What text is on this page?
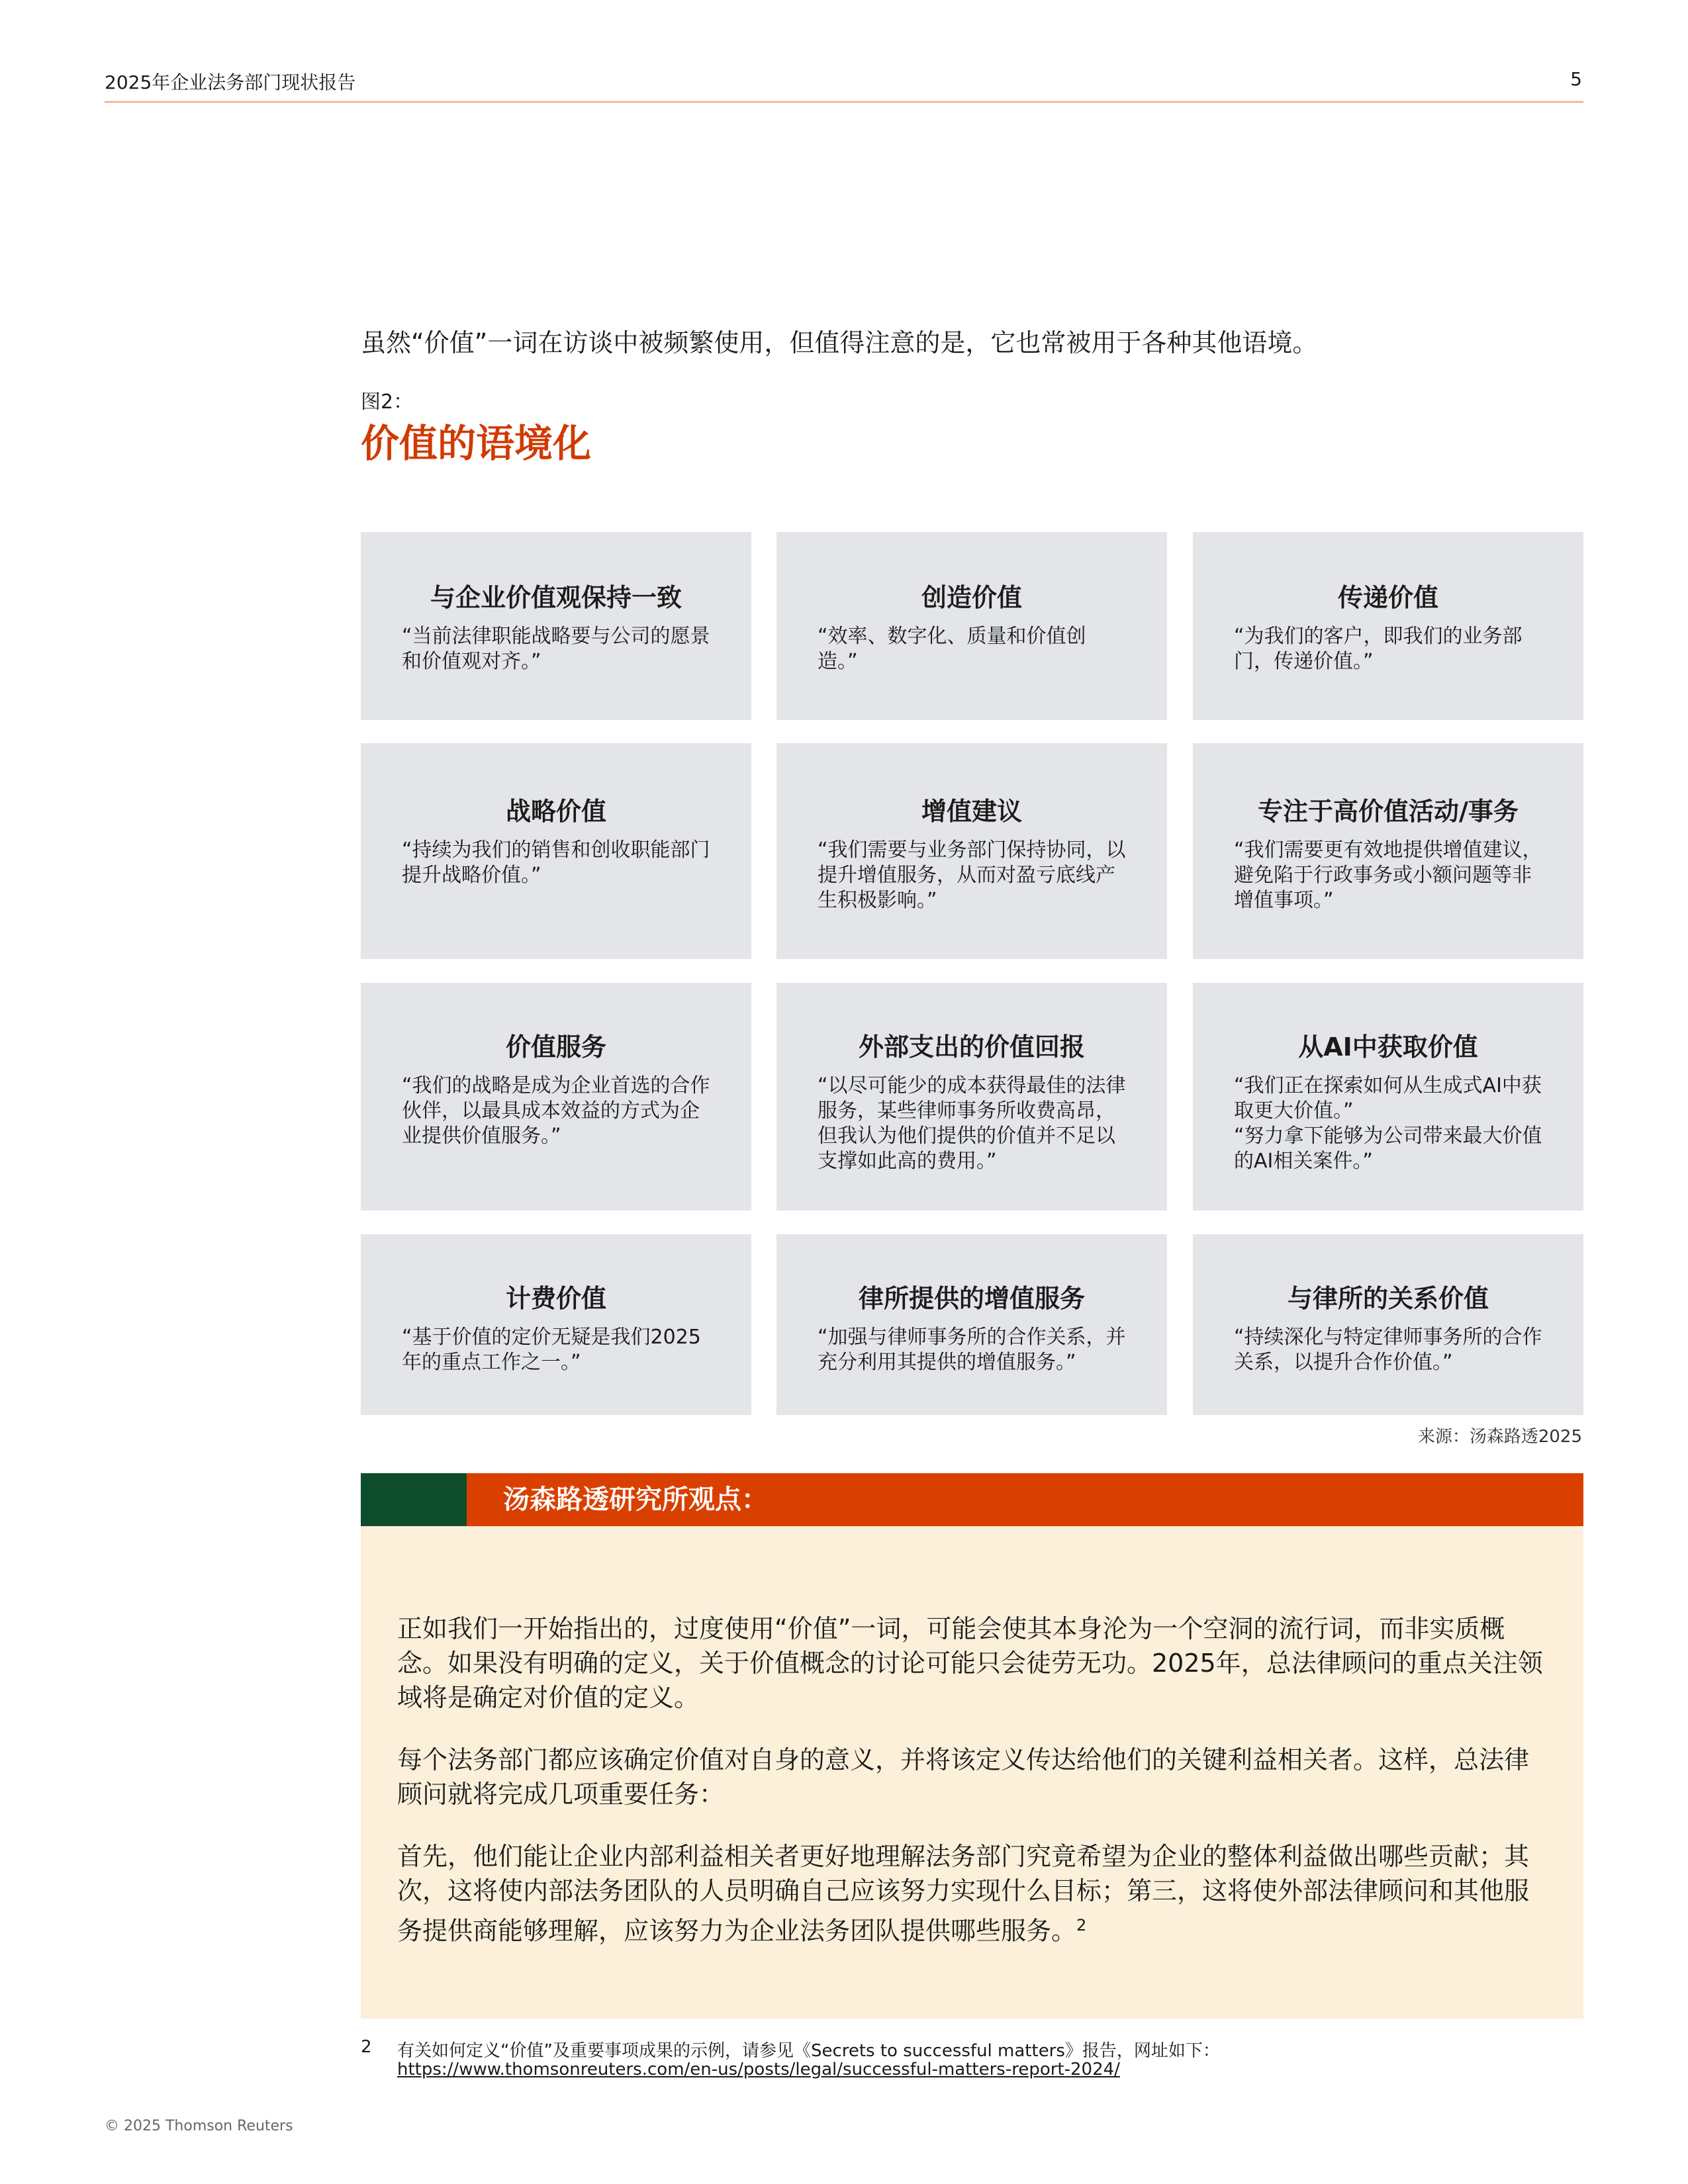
2025年企业法务部门现状报告	5
虽然“价值”一词在访谈中被频繁使用，但值得注意的是，它也常被用于各种其他语境。
图2：
价值的语境化
与企业价值观保持一致
“当前法律职能战略要与公司的愿景和价值观对齐。”
创造价值
“效率、数字化、质量和价值创造。”
传递价值
“为我们的客户，即我们的业务部门，传递价值。”
战略价值
“持续为我们的销售和创收职能部门提升战略价值。”
增值建议
“我们需要与业务部门保持协同，以提升增值服务，从而对盈亏底线产生积极影响。”
专注于高价值活动/事务
“我们需要更有效地提供增值建议，避免陷于行政事务或小额问题等非增值事项。”
价值服务
“我们的战略是成为企业首选的合作伙伴，以最具成本效益的方式为企业提供价值服务。”
外部支出的价值回报
“以尽可能少的成本获得最佳的法律服务，某些律师事务所收费高昂，但我认为他们提供的价值并不足以支撑如此高的费用。”
从AI中获取价值
“我们正在探索如何从生成式AI中获取更大价值。”
“努力拿下能够为公司带来最大价值的AI相关案件。”
计费价值
“基于价值的定价无疑是我们2025年的重点工作之一。”
律所提供的增值服务
“加强与律师事务所的合作关系，并充分利用其提供的增值服务。”
与律所的关系价值
“持续深化与特定律师事务所的合作关系，以提升合作价值。”
来源：汤森路透2025
汤森路透研究所观点：
正如我们一开始指出的，过度使用“价值”一词，可能会使其本身沦为一个空洞的流行词，而非实质概念。如果没有明确的定义，关于价值概念的讨论可能只会徒劳无功。2025年，总法律顾问的重点关注领域将是确定对价值的定义。
每个法务部门都应该确定价值对自身的意义，并将该定义传达给他们的关键利益相关者。这样，总法律顾问就将完成几项重要任务：
首先，他们能让企业内部利益相关者更好地理解法务部门究竟希望为企业的整体利益做出哪些贡献；其次，这将使内部法务团队的人员明确自己应该努力实现什么目标；第三，这将使外部法律顾问和其他服务提供商能够理解，应该努力为企业法务团队提供哪些服务。$^2$
2 有关如何定义“价值”及重要事项成果的示例，请参见《Secrets to successful matters》报告，网址如下：
https://www.thomsonreuters.com/en-us/posts/legal/successful-matters-report-2024/
© 2025 Thomson Reuters
